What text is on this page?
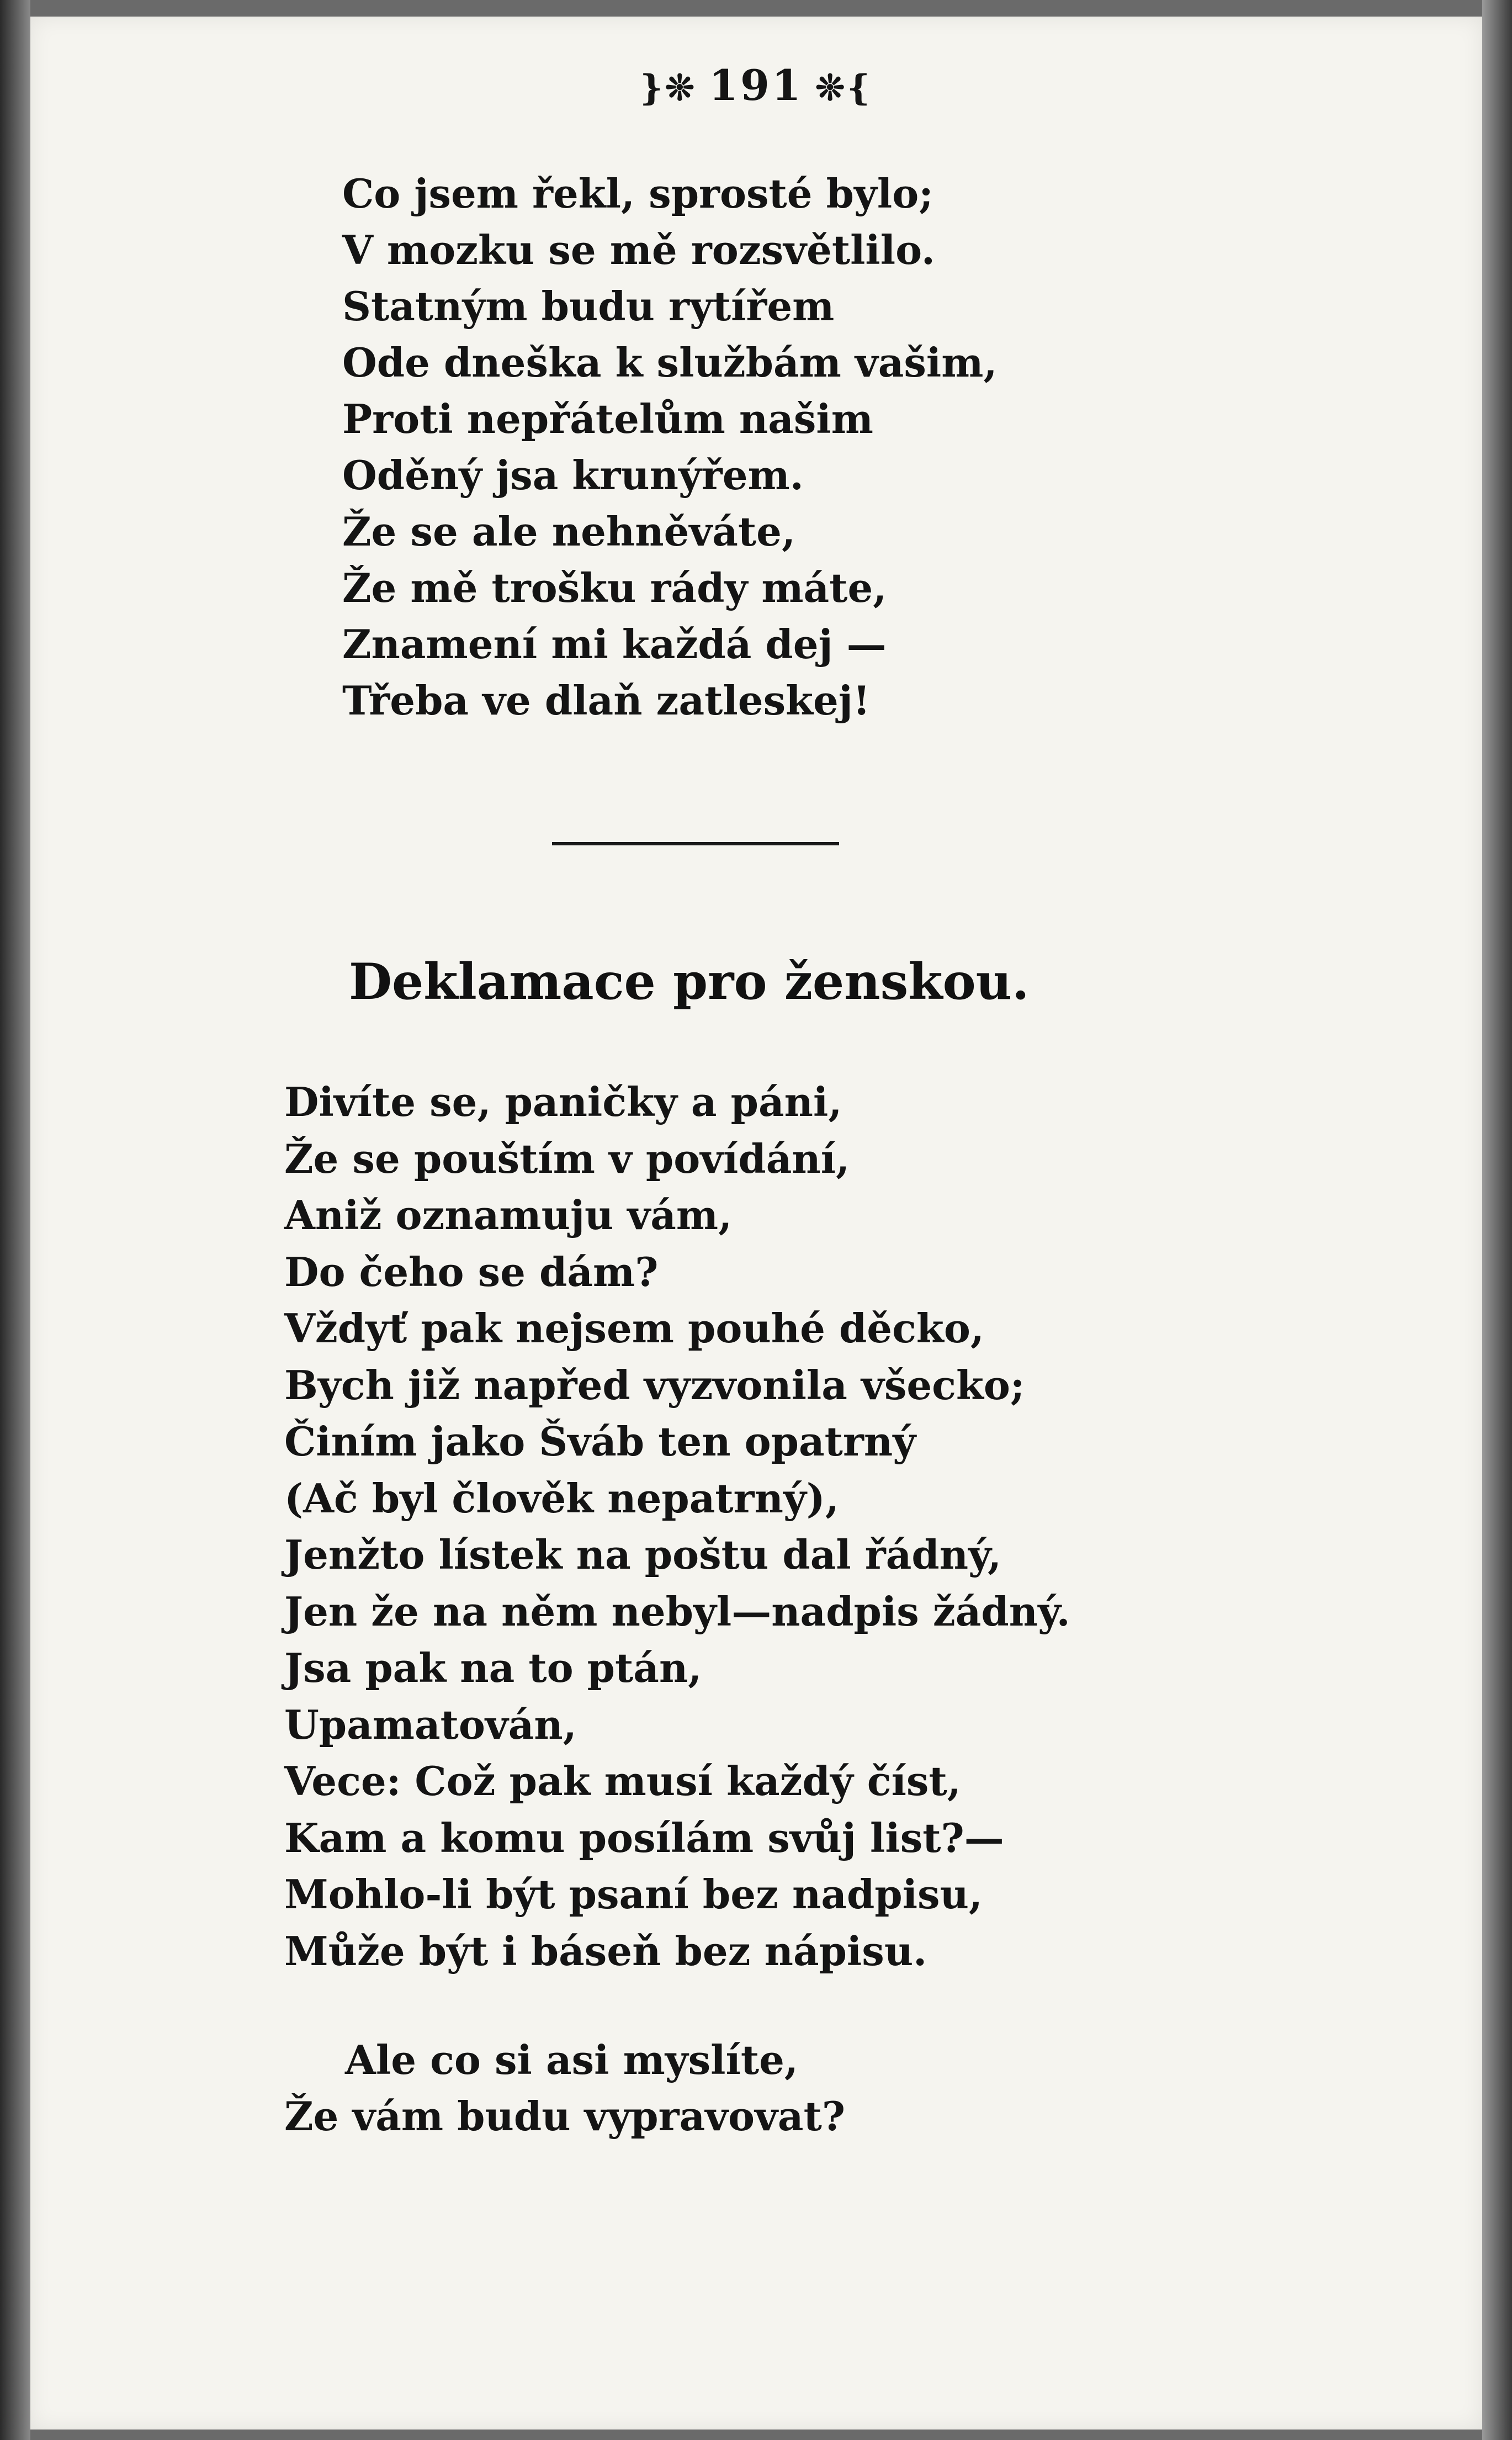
}❊ 191 ❊{
Co jsem řekl, sprosté bylo;
V mozku se mě rozsvětlilo.
Statným budu rytířem
Ode dneška k službám vašim,
Proti nepřátelům našim
Oděný jsa krunýřem.
Že se ale nehněváte,
Že mě trošku rády máte,
Znamení mi každá dej —
Třeba ve dlaň zatleskej!
Deklamace pro ženskou.
Divíte se, paničky a páni,
Že se pouštím v povídání,
Aniž oznamuju vám,
Do čeho se dám?
Vždyť pak nejsem pouhé děcko,
Bych již napřed vyzvonila všecko;
Činím jako Šváb ten opatrný
(Ač byl člověk nepatrný),
Jenžto lístek na poštu dal řádný,
Jen že na něm nebyl—nadpis žádný.
Jsa pak na to ptán,
Upamatován,
Vece: Což pak musí každý číst,
Kam a komu posílám svůj list?—
Mohlo-li být psaní bez nadpisu,
Může být i báseň bez nápisu.
Ale co si asi myslíte,
Že vám budu vypravovat?
